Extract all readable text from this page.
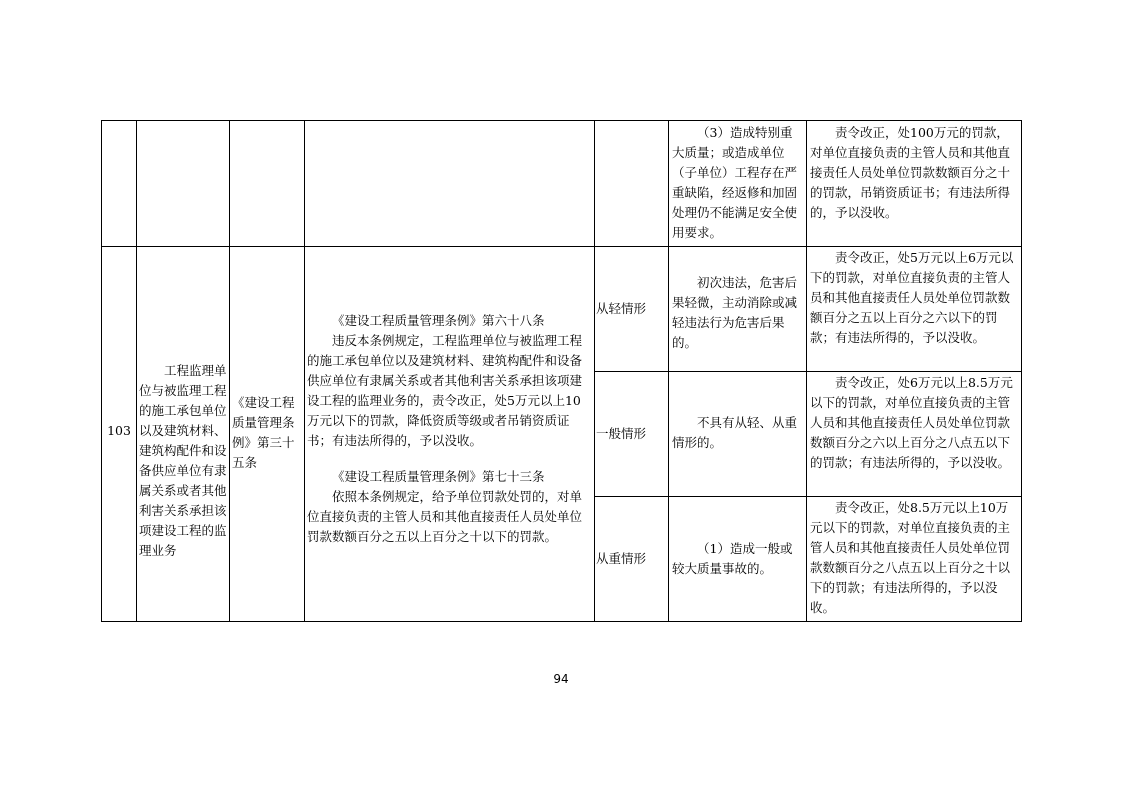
（3）造成特别重大质量；或造成单位（子单位）工程存在严重缺陷，经返修和加固处理仍不能满足安全使用要求。
责令改正，处100万元的罚款，对单位直接负责的主管人员和其他直接责任人员处单位罚款数额百分之十的罚款，吊销资质证书；有违法所得的，予以没收。
103
工程监理单位与被监理工程的施工承包单位以及建筑材料、建筑构配件和设备供应单位有隶属关系或者其他利害关系承担该项建设工程的监理业务
《建设工程质量管理条例》第三十五条

《建设工程质量管理条例》第六十八条

违反本条例规定，工程监理单位与被监理工程的施工承包单位以及建筑材料、建筑构配件和设备供应单位有隶属关系或者其他利害关系承担该项建设工程的监理业务的，责令改正，处5万元以上10万元以下的罚款，降低资质等级或者吊销资质证书；有违法所得的，予以没收。

《建设工程质量管理条例》第七十三条

依照本条例规定，给予单位罚款处罚的，对单位直接负责的主管人员和其他直接责任人员处单位罚款数额百分之五以上百分之十以下的罚款。

从轻情形
初次违法，危害后果轻微，主动消除或减轻违法行为危害后果的。
责令改正，处5万元以上6万元以下的罚款，对单位直接负责的主管人员和其他直接责任人员处单位罚款数额百分之五以上百分之六以下的罚款；有违法所得的，予以没收。
一般情形
不具有从轻、从重情形的。
责令改正，处6万元以上8.5万元以下的罚款，对单位直接负责的主管人员和其他直接责任人员处单位罚款数额百分之六以上百分之八点五以下的罚款；有违法所得的，予以没收。
从重情形
（1）造成一般或较大质量事故的。
责令改正，处8.5万元以上10万元以下的罚款，对单位直接负责的主管人员和其他直接责任人员处单位罚款数额百分之八点五以上百分之十以下的罚款；有违法所得的，予以没收。
94
